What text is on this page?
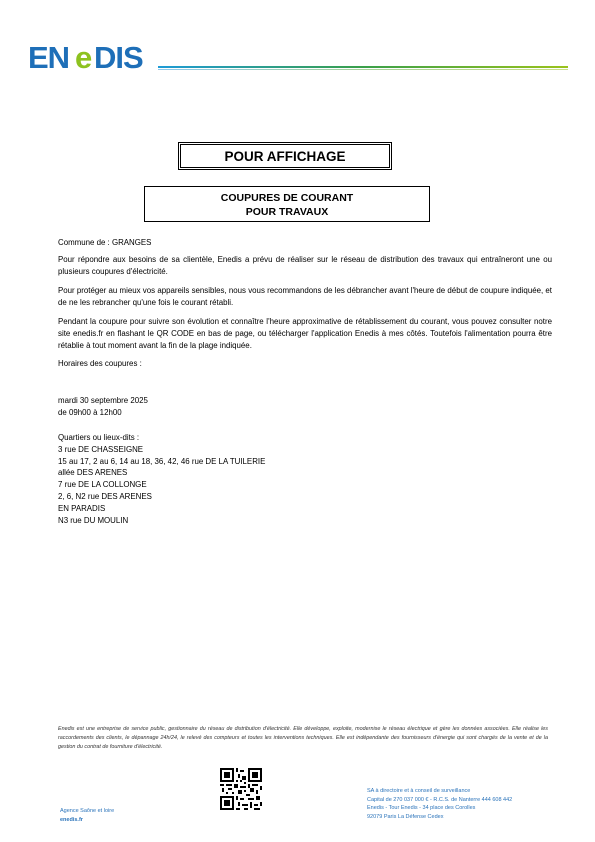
EN e DIS
POUR AFFICHAGE
COUPURES DE COURANT
POUR TRAVAUX
Commune de : GRANGES
Pour répondre aux besoins de sa clientèle, Enedis a prévu de réaliser sur le réseau de distribution des travaux qui entraîneront une ou plusieurs coupures d'électricité.
Pour protéger au mieux vos appareils sensibles, nous vous recommandons de les débrancher avant l'heure de début de coupure indiquée, et de ne les rebrancher qu'une fois le courant rétabli.
Pendant la coupure pour suivre son évolution et connaître l'heure approximative de rétablissement du courant, vous pouvez consulter notre site enedis.fr en flashant le QR CODE en bas de page, ou télécharger l'application Enedis à mes côtés. Toutefois l'alimentation pourra être rétablie à tout moment avant la fin de la plage indiquée.
Horaires des coupures :
mardi 30 septembre 2025
de 09h00 à 12h00
Quartiers ou lieux-dits :
3 rue DE CHASSEIGNE
15 au 17, 2 au 6, 14 au 18, 36, 42, 46 rue DE LA TUILERIE
allée DES ARENES
7 rue DE LA COLLONGE
2, 6, N2 rue DES ARENES
EN PARADIS
N3 rue DU MOULIN
Enedis est une entreprise de service public, gestionnaire du réseau de distribution d'électricité. Elle développe, exploite, modernise le réseau électrique et gère les données associées. Elle réalise les raccordements des clients, le dépannage 24h/24, le relevé des compteurs et toutes les interventions techniques. Elle est indépendante des fournisseurs d'énergie qui sont chargés de la vente et de la gestion du contrat de fourniture d'électricité.
Agence Saône et loire
enedis.fr
SA à directoire et à conseil de surveillance
Capital de 270 037 000 € - R.C.S. de Nanterre 444 608 442
Enedis - Tour Enedis - 34 place des Corolles
92079 Paris La Défense Cedex
